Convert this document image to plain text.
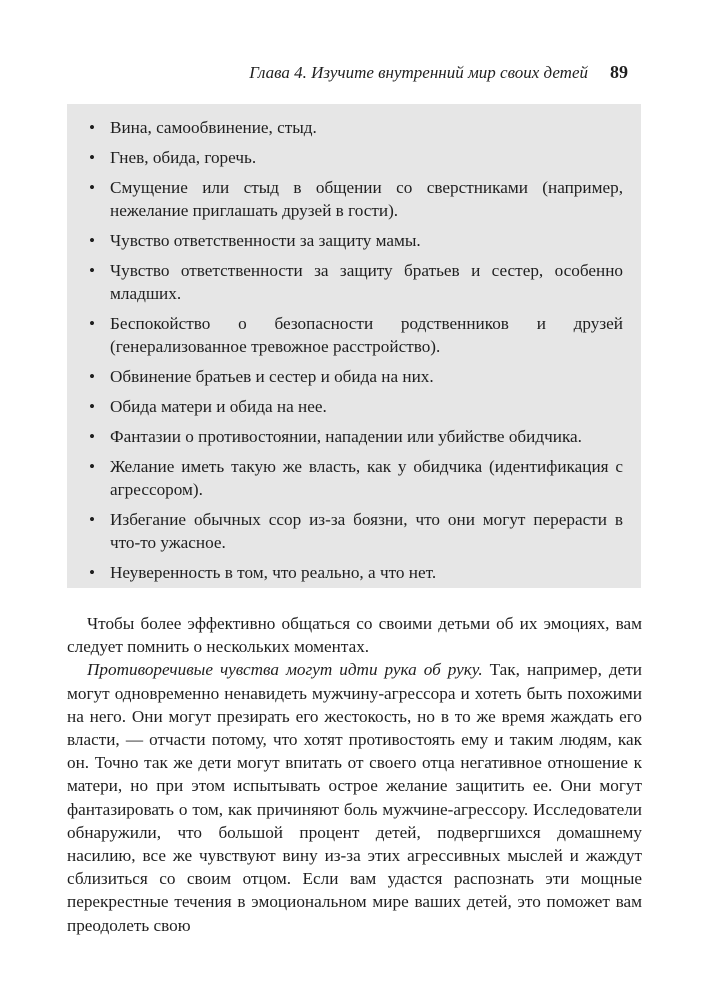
Глава 4. Изучите внутренний мир своих детей 89
• Вина, самообвинение, стыд.
• Гнев, обида, горечь.
• Смущение или стыд в общении со сверстниками (например, нежелание приглашать друзей в гости).
• Чувство ответственности за защиту мамы.
• Чувство ответственности за защиту братьев и сестер, особенно младших.
• Беспокойство о безопасности родственников и друзей (генерализованное тревожное расстройство).
• Обвинение братьев и сестер и обида на них.
• Обида матери и обида на нее.
• Фантазии о противостоянии, нападении или убийстве обидчика.
• Желание иметь такую же власть, как у обидчика (идентификация с агрессором).
• Избегание обычных ссор из-за боязни, что они могут перерасти в что-то ужасное.
• Неуверенность в том, что реально, а что нет.

Чтобы более эффективно общаться со своими детьми об их эмоциях, вам следует помнить о нескольких моментах.

Противоречивые чувства могут идти рука об руку. Так, например, дети могут одновременно ненавидеть мужчину-агрессора и хотеть быть похожими на него. Они могут презирать его жестокость, но в то же время жаждать его власти, — отчасти потому, что хотят противостоять ему и таким людям, как он. Точно так же дети могут впитать от своего отца негативное отношение к матери, но при этом испытывать острое желание защитить ее. Они могут фантазировать о том, как причиняют боль мужчине-агрессору. Исследователи обнаружили, что большой процент детей, подвергшихся домашнему насилию, все же чувствуют вину из-за этих агрессивных мыслей и жаждут сблизиться со своим отцом. Если вам удастся распознать эти мощные перекрестные течения в эмоциональном мире ваших детей, это поможет вам преодолеть свою
